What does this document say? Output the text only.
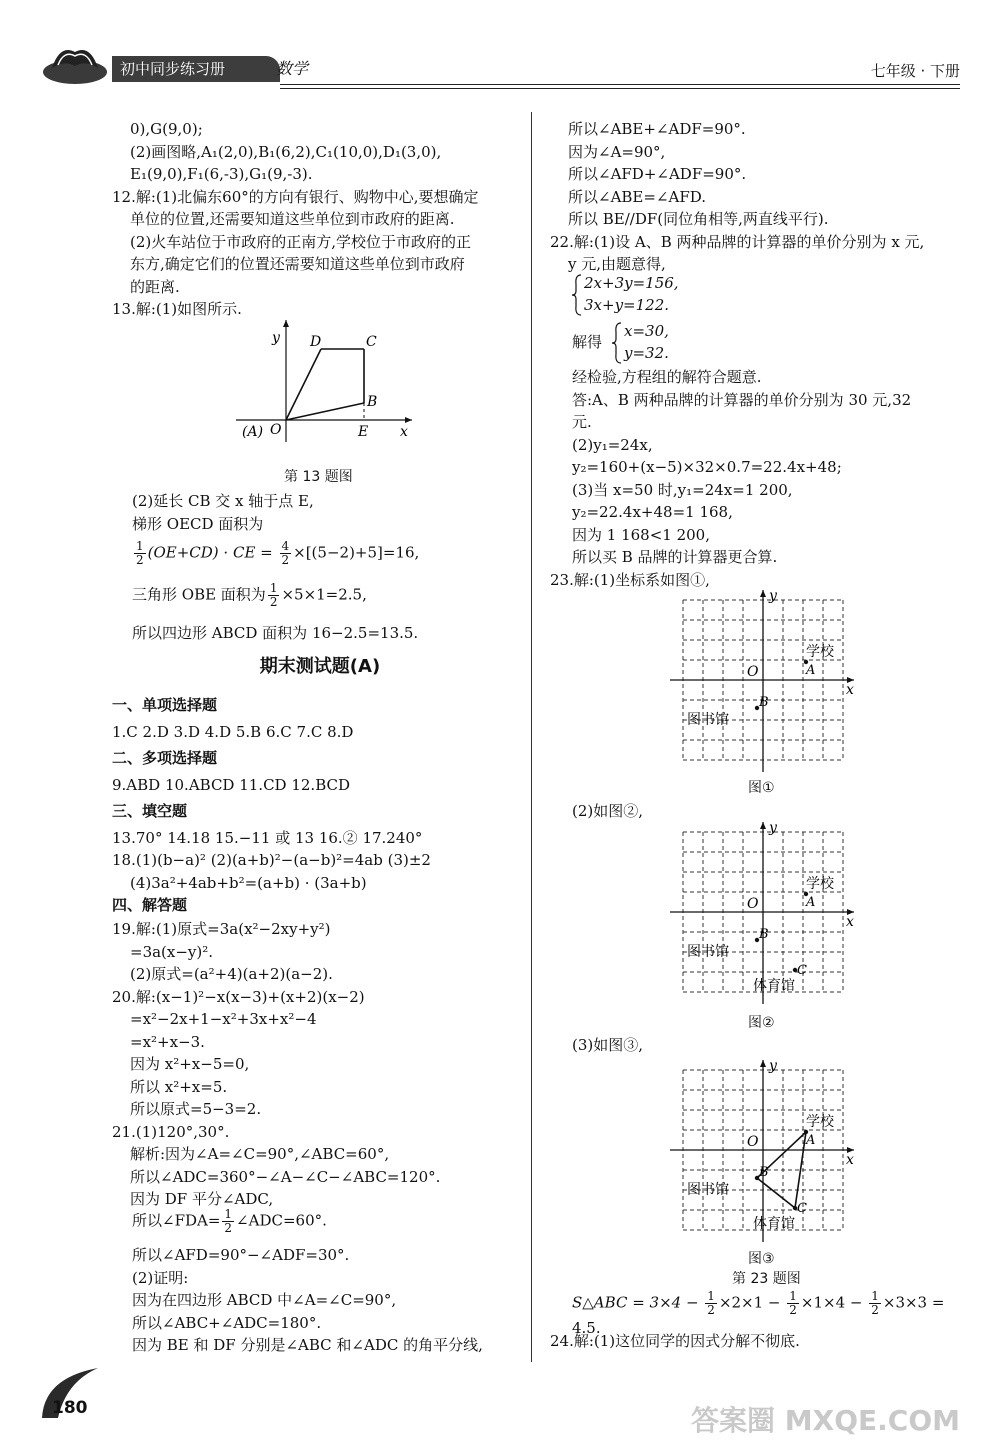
初中同步练习册	数学	七年级 · 下册
0),G(9,0);
(2)画图略,A₁(2,0),B₁(6,2),C₁(10,0),D₁(3,0),
E₁(9,0),F₁(6,-3),G₁(9,-3).
12.解:(1)北偏东60°的方向有银行、购物中心,要想确定
单位的位置,还需要知道这些单位到市政府的距离.
(2)火车站位于市政府的正南方,学校位于市政府的正
东方,确定它们的位置还需要知道这些单位到市政府
的距离.
13.解:(1)如图所示.
y
x
D	C
B
(A) O	E
第 13 题图
(2)延长 CB 交 x 轴于点 E,
梯形 OECD 面积为
$\frac{1}{2} (OE+CD)$ · CE = $\frac{4}{2} \times[(5-2)+5]=16$,
三角形 OBE 面积为 $\frac{1}{2} \times 5\times 1=2.5$,
所以四边形 ABCD 面积为 16−2.5=13.5.
期末测试题(A)
一、单项选择题
1.C 2.D 3.D 4.D 5.B 6.C 7.C 8.D
二、多项选择题
9.ABD 10.ABCD 11.CD 12.BCD
三、填空题
13.70° 14.18 15.−11 或 13 16.② 17.240°
18.(1)(b−a)² (2)(a+b)²−(a−b)²=4ab (3)±2
(4)3a²+4ab+b²=(a+b) · (3a+b)
四、解答题
19.解:(1)原式=3a(x²−2xy+y²)
=3a(x−y)².
(2)原式=(a²+4)(a+2)(a−2).
20.解:(x−1)²−x(x−3)+(x+2)(x−2)
=x²−2x+1−x²+3x+x²−4
=x²+x−3.
因为 x²+x−5=0,
所以 x²+x=5.
所以原式=5−3=2.
21.(1)120°,30°.
解析:因为∠A=∠C=90°,∠ABC=60°,
所以∠ADC=360°−∠A−∠C−∠ABC=120°.
因为 DF 平分∠ADC,
所以∠FDA= $\frac{1}{2}$ ∠ADC=60°.
所以∠AFD=90°−∠ADF=30°.
(2)证明:
因为在四边形 ABCD 中∠A=∠C=90°,
所以∠ABC+∠ADC=180°.
因为 BE 和 DF 分别是∠ABC 和∠ADC 的角平分线,
所以∠ABE+∠ADF=90°.
因为∠A=90°,
所以∠AFD+∠ADF=90°.
所以∠ABE=∠AFD.
所以 BE//DF(同位角相等,两直线平行).
22.解:(1)设 A、B 两种品牌的计算器的单价分别为 x 元,
y 元,由题意得,
2x+3y=156,
3x+y=122.
解得
x=30,
y=32.
经检验,方程组的解符合题意.
答:A、B 两种品牌的计算器的单价分别为 30 元,32
元.
(2)y₁=24x,
y₂=160+(x−5)×32×0.7=22.4x+48;
(3)当 x=50 时,y₁=24x=1 200,
y₂=22.4x+48=1 168,
因为 1 168<1 200,
所以买 B 品牌的计算器更合算.
23.解:(1)坐标系如图①,
y
x
O	A
学校
B
图书馆
图①
(2)如图②,
y
x
O	A
学校
B
图书馆
C
体育馆
图②
(3)如图③,
y
x
O	A
学校
B
图书馆
C
体育馆
图③
第 23 题图
S△ABC = $3\times 4 - \frac{1}{2} \times 2\times 1 - \frac{1}{2} \times 1\times 4 - \frac{1}{2} \times 3\times 3 = 4.5$.
24.解:(1)这位同学的因式分解不彻底.
180	答案圈 MXQE.COM
